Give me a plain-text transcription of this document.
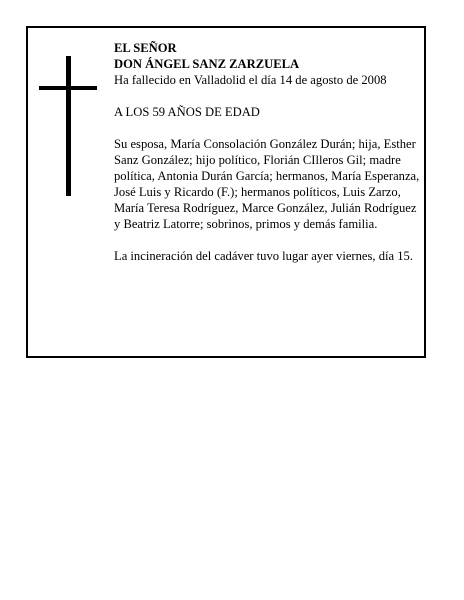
EL SEÑOR

DON ÁNGEL SANZ ZARZUELA

Ha fallecido en Valladolid el día 14 de agosto de 2008

A LOS 59 AÑOS DE EDAD

Su esposa, María Consolación González Durán; hija, Esther Sanz González; hijo político, Florián CIlleros Gil; madre política, Antonia Durán García; hermanos, María Esperanza, José Luis y Ricardo (F.); hermanos políticos, Luis Zarzo, María Teresa Rodríguez, Marce González, Julián Rodríguez y Beatriz Latorre; sobrinos, primos y demás familia.

La incineración del cadáver tuvo lugar ayer viernes, día 15.
